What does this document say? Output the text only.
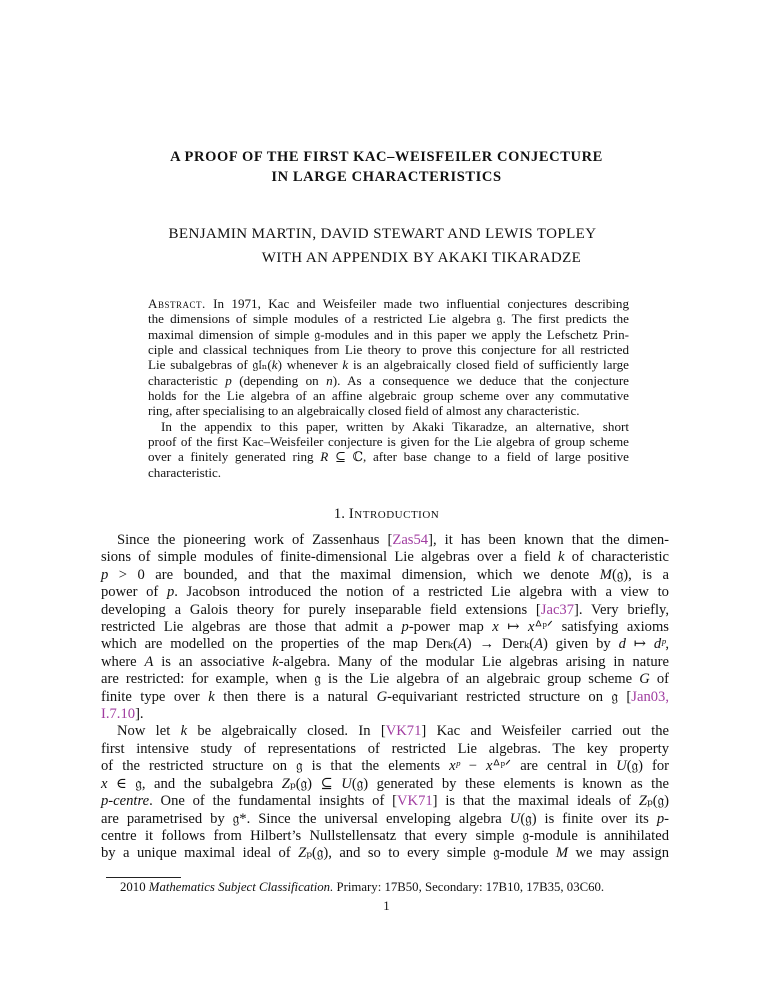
A PROOF OF THE FIRST KAC–WEISFEILER CONJECTURE
IN LARGE CHARACTERISTICS
BENJAMIN MARTIN, DAVID STEWART AND LEWIS TOPLEY
WITH AN APPENDIX BY AKAKI TIKARADZE
Abstract. In 1971, Kac and Weisfeiler made two influential conjectures describing
the dimensions of simple modules of a restricted Lie algebra 𝔤. The first predicts the
maximal dimension of simple 𝔤-modules and in this paper we apply the Lefschetz Prin-
ciple and classical techniques from Lie theory to prove this conjecture for all restricted
Lie subalgebras of 𝔤𝔩ₙ(k) whenever k is an algebraically closed field of sufficiently large
characteristic p (depending on n). As a consequence we deduce that the conjecture
holds for the Lie algebra of an affine algebraic group scheme over any commutative
ring, after specialising to an algebraically closed field of almost any characteristic.
In the appendix to this paper, written by Akaki Tikaradze, an alternative, short
proof of the first Kac–Weisfeiler conjecture is given for the Lie algebra of group scheme
over a finitely generated ring R ⊆ ℂ, after base change to a field of large positive
characteristic.
1. Introduction
Since the pioneering work of Zassenhaus [Zas54], it has been known that the dimen-
sions of simple modules of finite-dimensional Lie algebras over a field k of characteristic
p > 0 are bounded, and that the maximal dimension, which we denote M(𝔤), is a
power of p. Jacobson introduced the notion of a restricted Lie algebra with a view to
developing a Galois theory for purely inseparable field extensions [Jac37]. Very briefly,
restricted Lie algebras are those that admit a p-power map x ↦ xᐞᵖᐟ satisfying axioms
which are modelled on the properties of the map Derₖ(A) → Derₖ(A) given by d ↦ dᵖ,
where A is an associative k-algebra. Many of the modular Lie algebras arising in nature
are restricted: for example, when 𝔤 is the Lie algebra of an algebraic group scheme G of
finite type over k then there is a natural G-equivariant restricted structure on 𝔤 [Jan03,
I.7.10].
Now let k be algebraically closed. In [VK71] Kac and Weisfeiler carried out the
first intensive study of representations of restricted Lie algebras. The key property
of the restricted structure on 𝔤 is that the elements xᵖ − xᐞᵖᐟ are central in U(𝔤) for
x ∈ 𝔤, and the subalgebra Zₚ(𝔤) ⊆ U(𝔤) generated by these elements is known as the
p-centre. One of the fundamental insights of [VK71] is that the maximal ideals of Zₚ(𝔤)
are parametrised by 𝔤*. Since the universal enveloping algebra U(𝔤) is finite over its p-
centre it follows from Hilbert’s Nullstellensatz that every simple 𝔤-module is annihilated
by a unique maximal ideal of Zₚ(𝔤), and so to every simple 𝔤-module M we may assign
2010 Mathematics Subject Classification. Primary: 17B50, Secondary: 17B10, 17B35, 03C60.
1
